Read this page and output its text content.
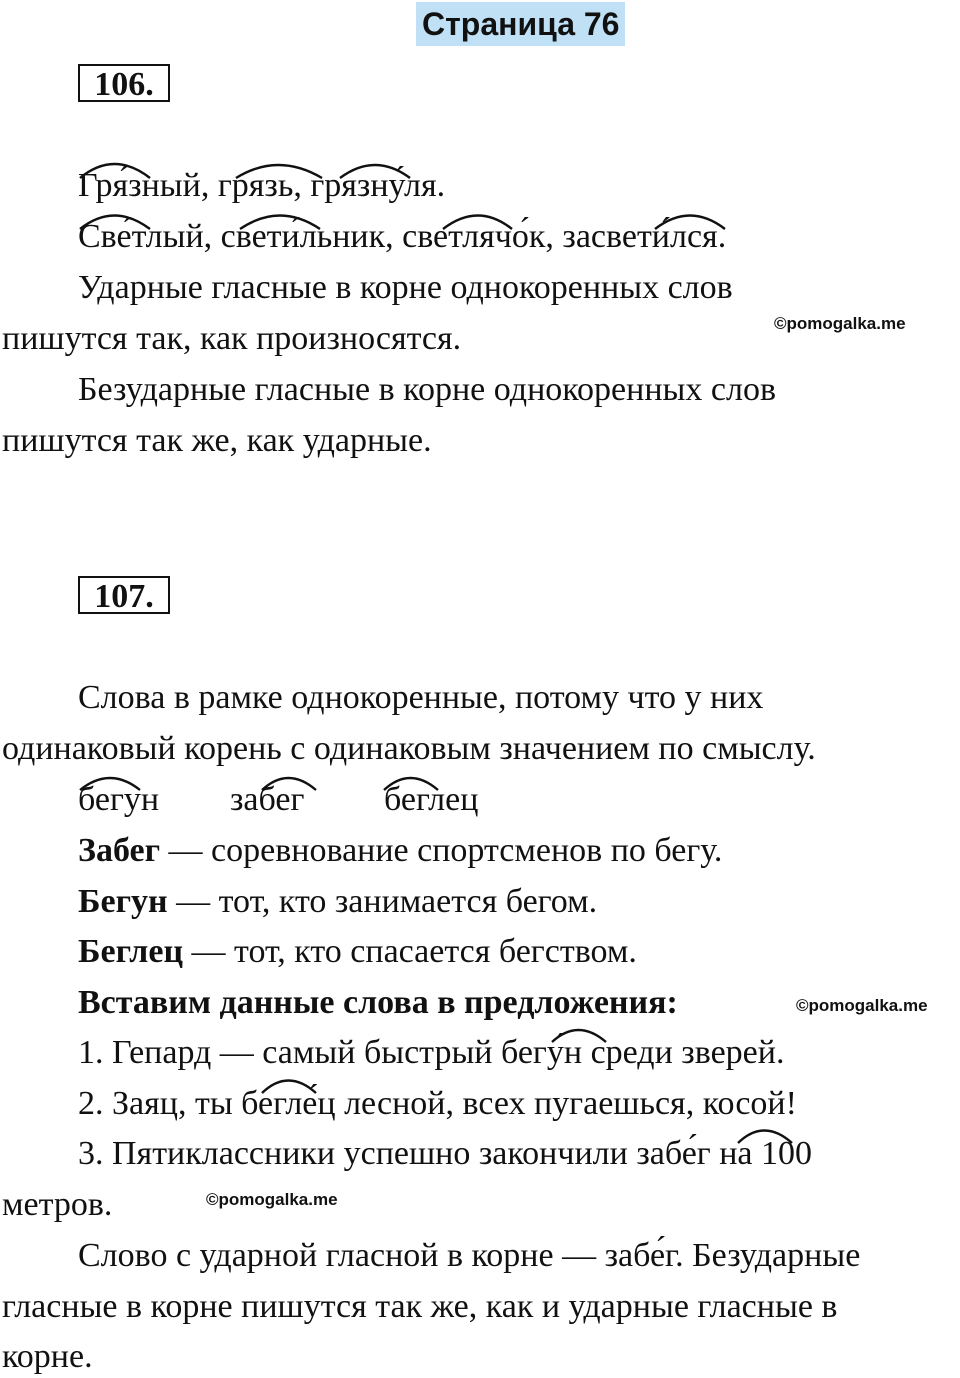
Страница 76
106.
Гря́зный, грязь, грязну́ля.
Све́тлый, свети́льник, светлячо́к, засвети́лся.
Ударные гласные в корне однокоренных слов
пишутся так, как произносятся.	©pomogalka.me
Безударные гласные в корне однокоренных слов
пишутся так же, как ударные.
107.
Слова в рамке однокоренные, потому что у них
одинаковый корень с одинаковым значением по смыслу.
бегун забег беглец
Забег — соревнование спортсменов по бегу.
Бегун — тот, кто занимается бегом.
Беглец — тот, кто спасается бегством.
Вставим данные слова в предложения:	©pomogalka.me
1. Гепард — самый быстрый бегу́н среди зверей.
2. Заяц, ты бегле́ц лесной, всех пугаешься, косой!
3. Пятиклассники успешно закончили забе́г на 100
метров.	©pomogalka.me
Слово с ударной гласной в корне — забе́г. Безударные
гласные в корне пишутся так же, как и ударные гласные в
корне.
